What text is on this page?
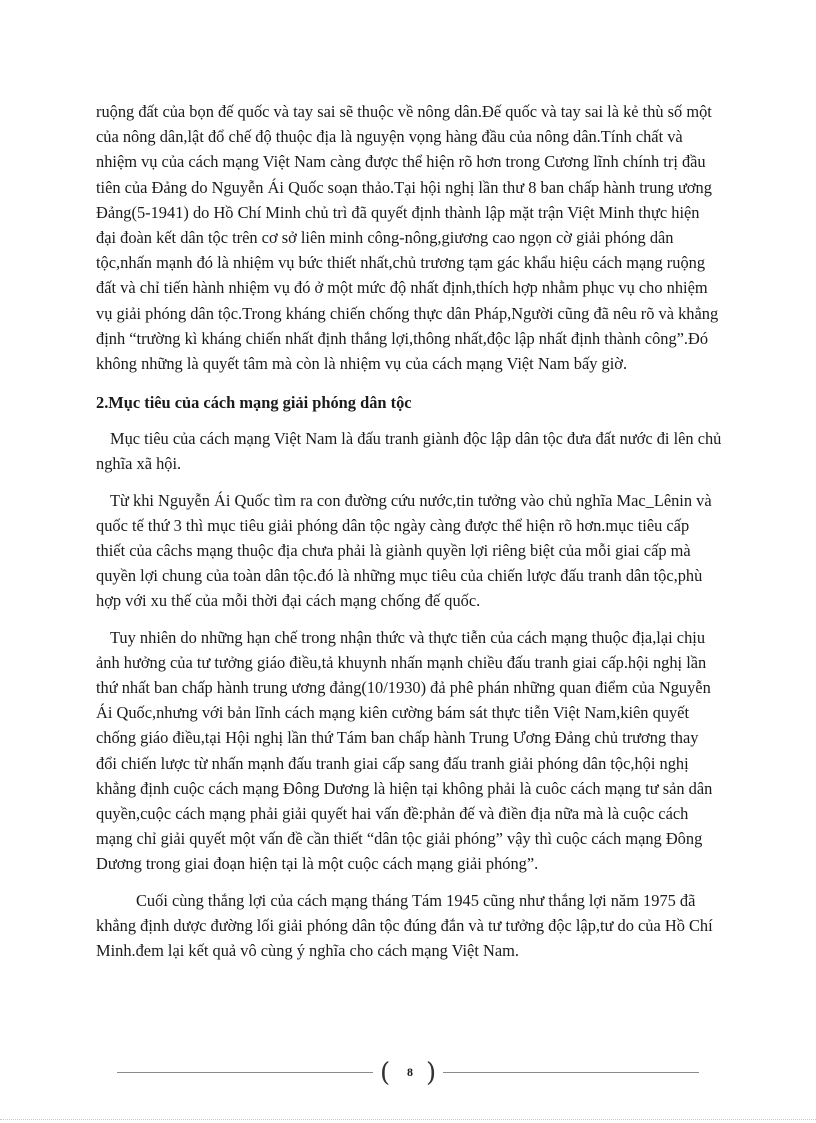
ruộng đất của bọn đế quốc và tay sai sẽ thuộc về nông dân.Đế quốc và tay sai là kẻ thù số một của nông dân,lật đổ chế độ thuộc địa là nguyện vọng hàng đầu của nông dân.Tính chất và nhiệm vụ của cách mạng Việt Nam càng được thể hiện rõ hơn trong Cương lĩnh chính trị đầu tiên của Đảng do Nguyễn Ái Quốc soạn thảo.Tại hội nghị lần thư 8 ban chấp hành trung ương Đảng(5-1941) do Hồ Chí Minh chủ trì đã quyết định thành lập mặt trận Việt Minh thực hiện đại đoàn kết dân tộc trên cơ sở liên minh công-nông,giương cao ngọn cờ giải phóng dân tộc,nhấn mạnh đó là nhiệm vụ bức thiết nhất,chủ trương tạm gác khẩu hiệu cách mạng ruộng đất và chỉ tiến hành nhiệm vụ đó ở một mức độ nhất định,thích hợp nhằm phục vụ cho nhiệm vụ giải phóng dân tộc.Trong kháng chiến chống thực dân Pháp,Người cũng đã nêu rõ và khẳng định “trường kì kháng chiến nhất định thắng lợi,thông nhất,độc lập nhất định thành công”.Đó không những là quyết tâm mà còn là nhiệm vụ của cách mạng Việt Nam bấy giờ.

2.Mục tiêu của cách mạng giải phóng dân tộc

Mục tiêu của cách mạng Việt Nam là đấu tranh giành độc lập dân tộc đưa đất nước đi lên chủ nghĩa xã hội.

Từ khi Nguyễn Ái Quốc tìm ra con đường cứu nước,tin tưởng vào chủ nghĩa Mac_Lênin và quốc tế thứ 3 thì mục tiêu giải phóng dân tộc ngày càng được thể hiện rõ hơn.mục tiêu cấp thiết của câchs mạng thuộc địa chưa phải là giành quyền lợi riêng biệt của mỗi giai cấp mà quyền lợi chung của toàn dân tộc.đó là những mục tiêu của chiến lược đấu tranh dân tộc,phù hợp với xu thế của mỗi thời đại cách mạng chống đế quốc.

Tuy nhiên do những hạn chế trong nhận thức và thực tiễn của cách mạng thuộc địa,lại chịu ảnh hưởng của tư tưởng giáo điều,tả khuynh nhấn mạnh chiều đấu tranh giai cấp.hội nghị lần thứ nhất ban chấp hành trung ương đảng(10/1930) đả phê phán những quan điểm của Nguyễn Ái Quốc,nhưng với bản lĩnh cách mạng kiên cường bám sát thực tiễn Việt Nam,kiên quyết chống giáo điều,tại Hội nghị lần thứ Tám ban chấp hành Trung Ương Đảng chủ trương thay đổi chiến lược từ nhấn mạnh đấu tranh giai cấp sang đấu tranh giải phóng dân tộc,hội nghị khẳng định cuộc cách mạng Đông Dương là hiện tại không phải là cuôc cách mạng tư sản dân quyền,cuộc cách mạng phải giải quyết hai vấn đề:phản đế và điền địa nữa mà là cuộc cách mạng chỉ giải quyết một vấn đề cần thiết “dân tộc giải phóng” vậy thì cuộc cách mạng Đông Dương trong giai đoạn hiện tại là một cuộc cách mạng giải phóng”.

Cuối cùng thắng lợi của cách mạng tháng Tám 1945 cũng như thắng lợi năm 1975 đã khẳng định dược đường lối giải phóng dân tộc đúng đắn và tư tưởng độc lập,tư do của Hồ Chí Minh.đem lại kết quả vô cùng ý nghĩa cho cách mạng Việt Nam.

(	8 )
